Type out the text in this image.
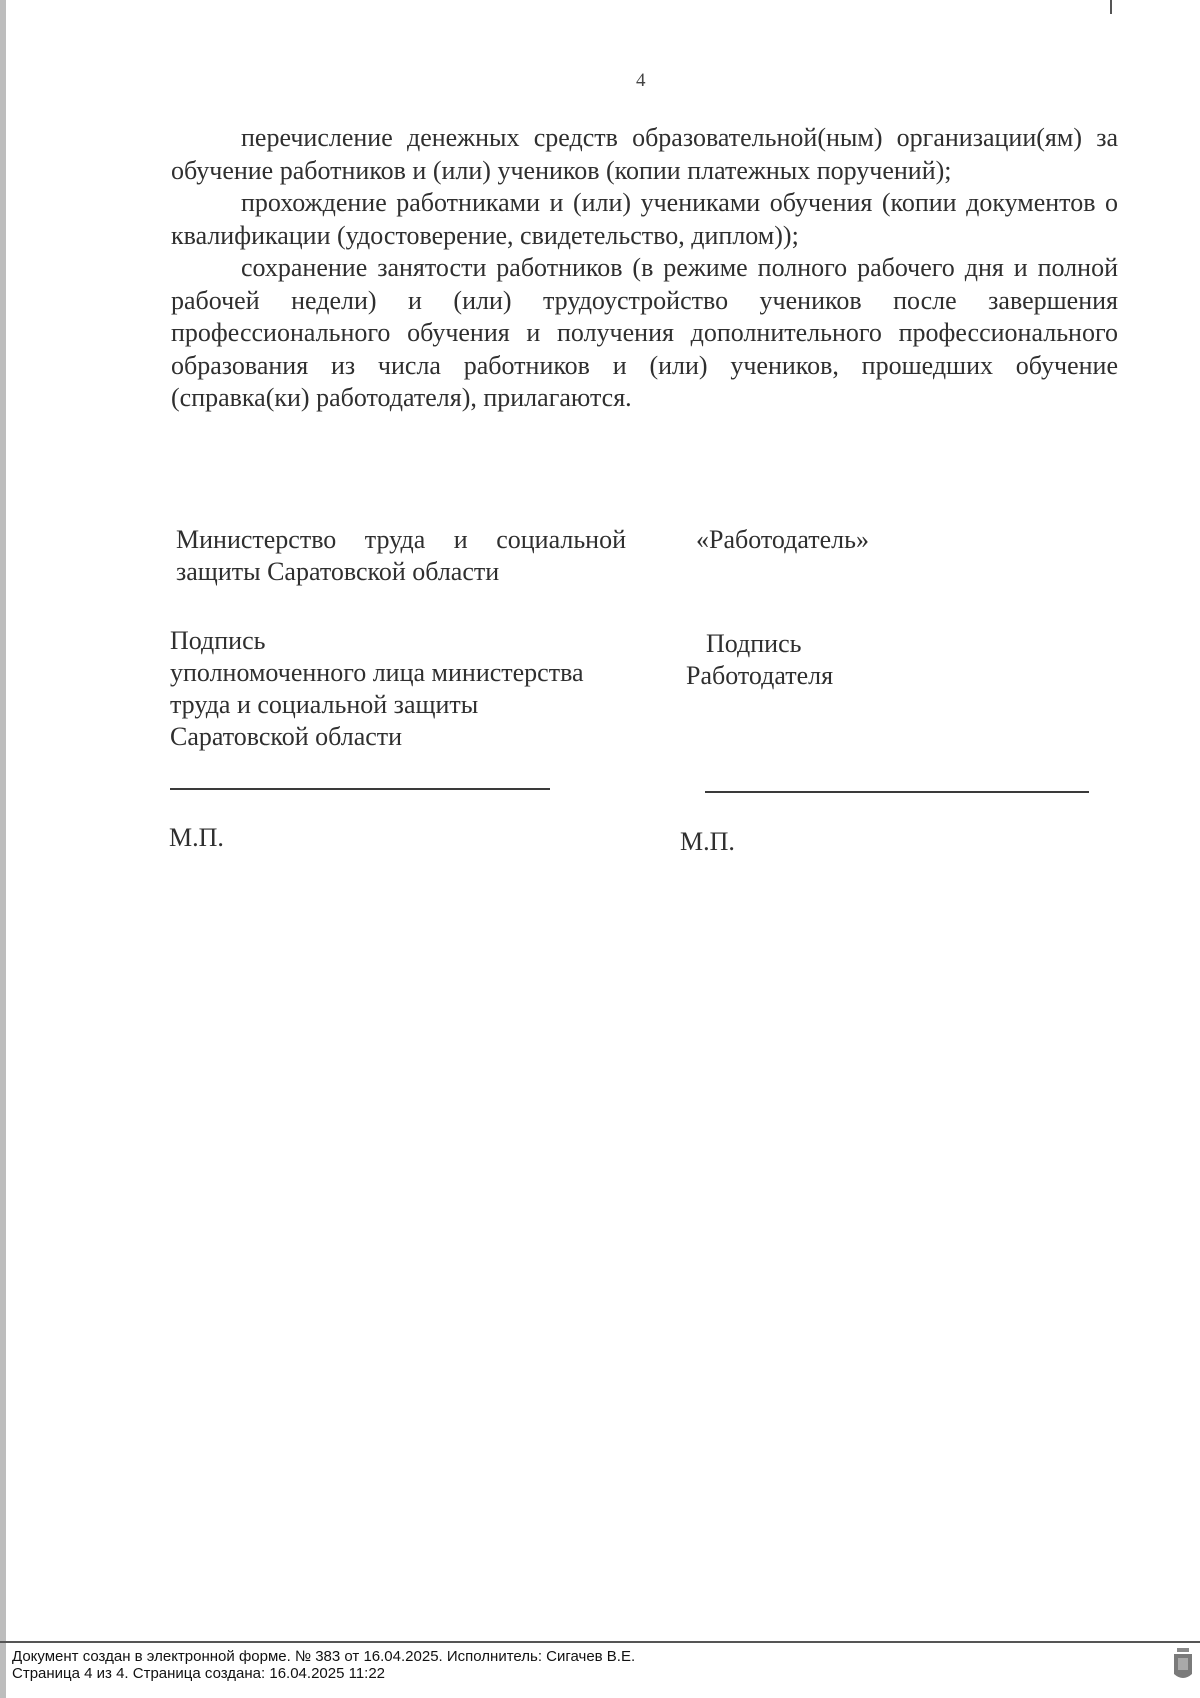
4

перечисление денежных средств образовательной(ным) организации(ям) за обучение работников и (или) учеников (копии платежных поручений);

прохождение работниками и (или) учениками обучения (копии документов о квалификации (удостоверение, свидетельство, диплом));

сохранение занятости работников (в режиме полного рабочего дня и полной рабочей недели) и (или) трудоустройство учеников после завершения профессионального обучения и получения дополнительного профессионального образования из числа работников и (или) учеников, прошедших обучение (справка(ки) работодателя), прилагаются.

Министерство труда и социальной
защиты Саратовской области
«Работодатель»
Подпись
уполномоченного лица министерства
труда и социальной защиты
Саратовской области
Подпись
Работодателя
М.П.	М.П.
Документ создан в электронной форме. № 383 от 16.04.2025. Исполнитель: Сигачев В.Е.
Страница 4 из 4. Страница создана: 16.04.2025 11:22
